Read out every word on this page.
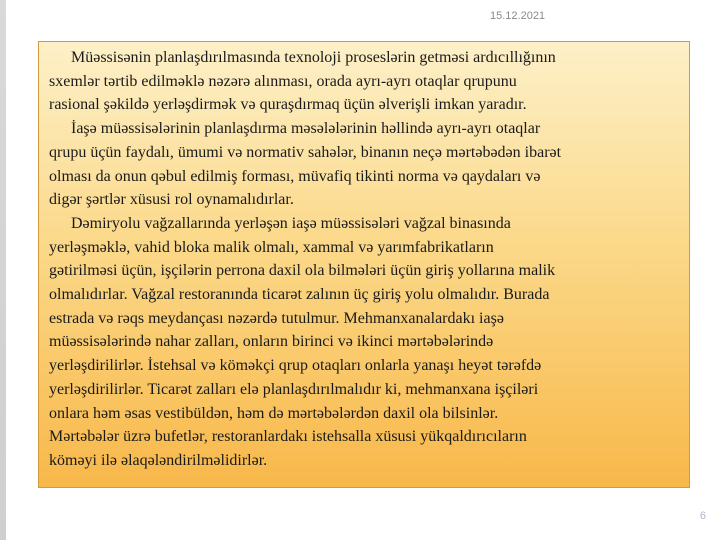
15.12.2021

Müəssisənin planlaşdırılmasında texnoloji proseslərin getməsi ardıcıllığının

sxemlər tərtib edilməklə nəzərə alınması, orada ayrı-ayrı otaqlar qrupunu

rasional şəkildə yerləşdirmək və quraşdırmaq üçün əlverişli imkan yaradır.

İaşə müəssisələrinin planlaşdırma məsələlərinin həllində ayrı-ayrı otaqlar

qrupu üçün faydalı, ümumi və normativ sahələr, binanın neçə mərtəbədən ibarət

olması da onun qəbul edilmiş forması, müvafiq tikinti norma və qaydaları və

digər şərtlər xüsusi rol oynamalıdırlar.

Dəmiryolu vağzallarında yerləşən iaşə müəssisələri vağzal binasında

yerləşməklə, vahid bloka malik olmalı, xammal və yarımfabrikatların

gətirilməsi üçün, işçilərin perrona daxil ola bilmələri üçün giriş yollarına malik

olmalıdırlar. Vağzal restoranında ticarət zalının üç giriş yolu olmalıdır. Burada

estrada və rəqs meydançası nəzərdə tutulmur. Mehmanxanalardakı iaşə

müəssisələrində nahar zalları, onların birinci və ikinci mərtəbələrində

yerləşdirilirlər. İstehsal və köməkçi qrup otaqları onlarla yanaşı heyət tərəfdə

yerləşdirilirlər. Ticarət zalları elə planlaşdırılmalıdır ki, mehmanxana işçiləri

onlara həm əsas vestibüldən, həm də mərtəbələrdən daxil ola bilsinlər.

Mərtəbələr üzrə bufetlər, restoranlardakı istehsalla xüsusi yükqaldırıcıların

köməyi ilə əlaqələndirilməlidirlər.

6
